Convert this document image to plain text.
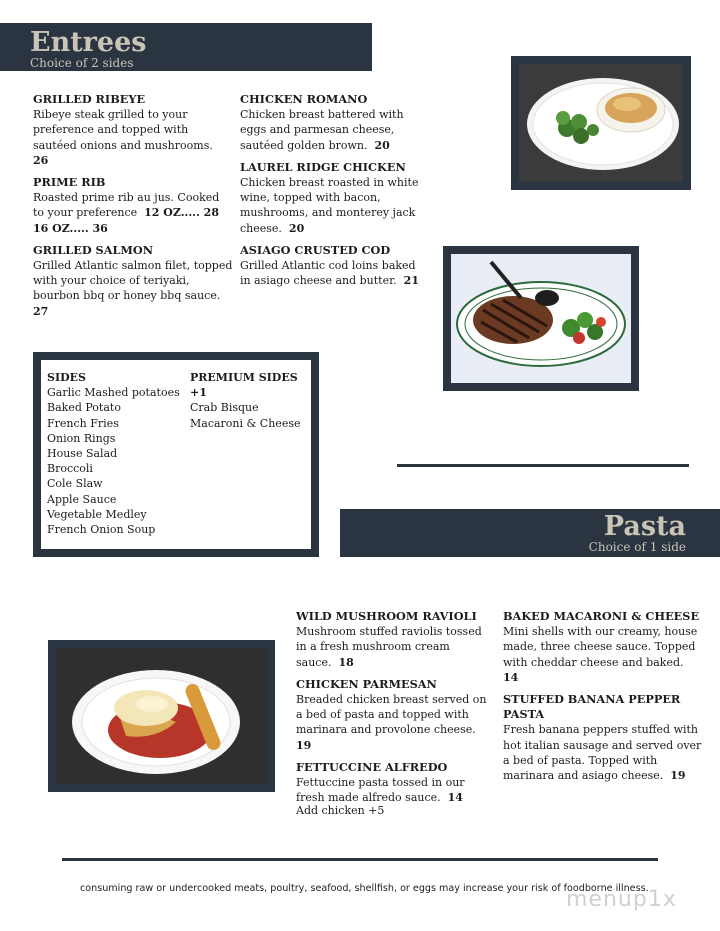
Entrees
Choice of 2 sides
GRILLED RIBEYE
Ribeye steak grilled to your preference and topped with sautéed onions and mushrooms.  26
PRIME RIB
Roasted prime rib au jus. Cooked to your preference 12 OZ..... 28 16 OZ..... 36
GRILLED SALMON
Grilled Atlantic salmon filet, topped with your choice of teriyaki, bourbon bbq or honey bbq sauce.  27
CHICKEN ROMANO
Chicken breast battered with eggs and parmesan cheese, sautéed golden brown. 20
LAUREL RIDGE CHICKEN
Chicken breast roasted in white wine, topped with bacon, mushrooms, and monterey jack cheese. 20
ASIAGO CRUSTED COD
Grilled Atlantic cod loins baked in asiago cheese and butter. 21
SIDES
Garlic Mashed potatoes
Baked Potato
French Fries
Onion Rings
House Salad
Broccoli
Cole Slaw
Apple Sauce
Vegetable Medley
French Onion Soup
PREMIUM SIDES +1
Crab Bisque
Macaroni & Cheese
Pasta
Choice of 1 side
WILD MUSHROOM RAVIOLI
Mushroom stuffed raviolis tossed in a fresh mushroom cream sauce. 18
CHICKEN PARMESAN
Breaded chicken breast served on a bed of pasta and topped with marinara and provolone cheese.  19
FETTUCCINE ALFREDO
Fettuccine pasta tossed in our fresh made alfredo sauce. 14
Add chicken +5
BAKED MACARONI & CHEESE
Mini shells with our creamy, house made, three cheese sauce. Topped with cheddar cheese and baked.  14
STUFFED BANANA PEPPER PASTA
Fresh banana peppers stuffed with hot italian sausage and served over a bed of pasta. Topped with marinara and asiago cheese. 19
consuming raw or undercooked meats, poultry, seafood, shellfish, or eggs may increase your risk of foodborne illness.
menup1x
